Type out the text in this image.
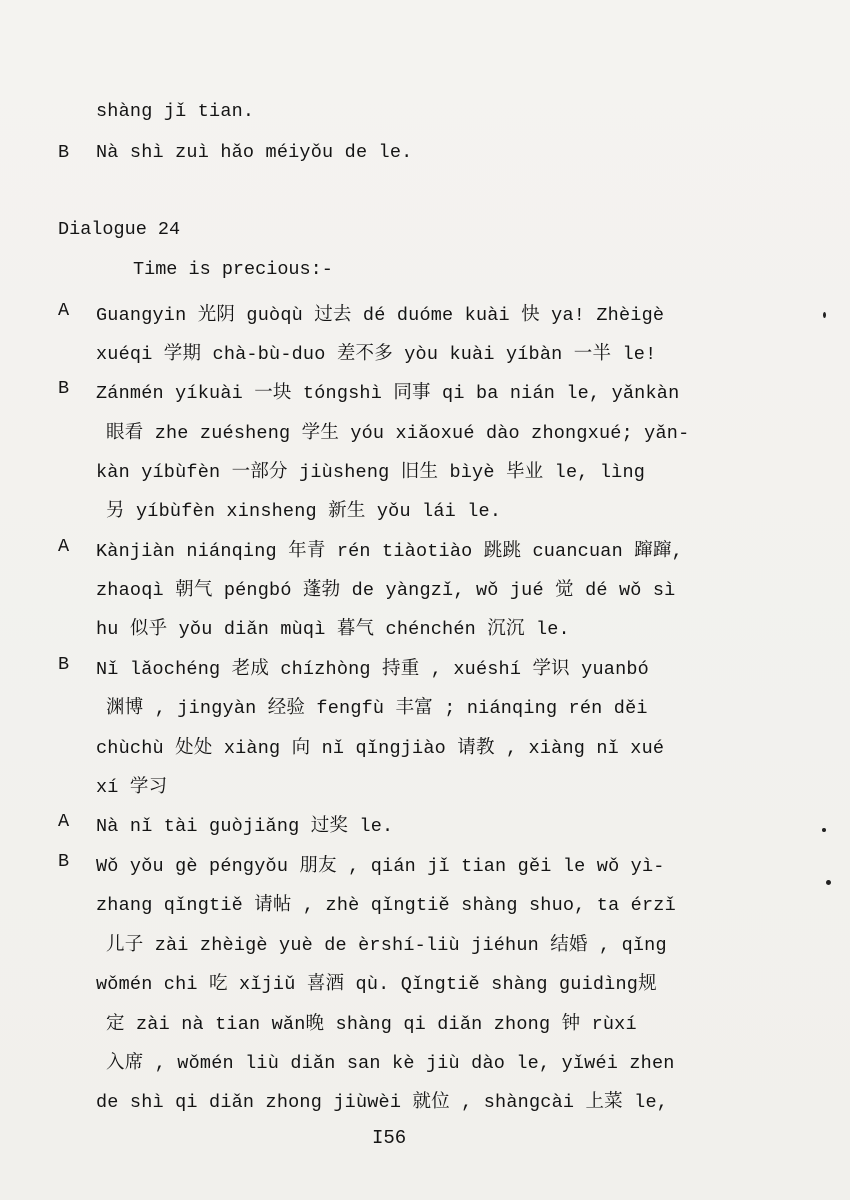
shàng jǐ tian.
B Nà shì zuì hǎo méiyǒu de le.
Dialogue 24
Time is precious:-
A Guangyin 光阴 guòqù 过去 dé duóme kuài 快 ya! Zhèigè
xuéqi 学期 chà-bù-duo 差不多 yòu kuài yíbàn 一半 le!
B Zánmén yíkuài 一块 tóngshì 同事 qi ba nián le, yǎnkàn
眼看 zhe zuésheng 学生 yóu xiǎoxué dào zhongxué; yǎn-
kàn yíbùfèn 一部分 jiùsheng 旧生 bìyè 毕业 le, lìng
另 yíbùfèn xinsheng 新生 yǒu lái le.
A Kànjiàn niánqing 年青 rén tiàotiào 跳跳 cuancuan 蹿蹿,
zhaoqì 朝气 péngbó 蓬勃 de yàngzǐ, wǒ jué 觉 dé wǒ sì
hu 似乎 yǒu diǎn mùqì 暮气 chénchén 沉沉 le.
B Nǐ lǎochéng 老成 chízhòng 持重 , xuéshí 学识 yuanbó
渊博 , jingyàn 经验 fengfù 丰富 ; niánqing rén děi
chùchù 处处 xiàng 向 nǐ qǐngjiào 请教 , xiàng nǐ xué
xí 学习
A Nà nǐ tài guòjiǎng 过奖 le.
B Wǒ yǒu gè péngyǒu 朋友 , qián jǐ tian gěi le wǒ yì-
zhang qǐngtiě 请帖 , zhè qǐngtiě shàng shuo, ta érzǐ
儿子 zài zhèigè yuè de èrshí-liù jiéhun 结婚 , qǐng
wǒmén chi 吃 xǐjiǔ 喜酒 qù. Qǐngtiě shàng guidìng规
定 zài nà tian wǎn晚 shàng qi diǎn zhong 钟 rùxí
入席 , wǒmén liù diǎn san kè jiù dào le, yǐwéi zhen
de shì qi diǎn zhong jiùwèi 就位 , shàngcài 上菜 le,
I56
